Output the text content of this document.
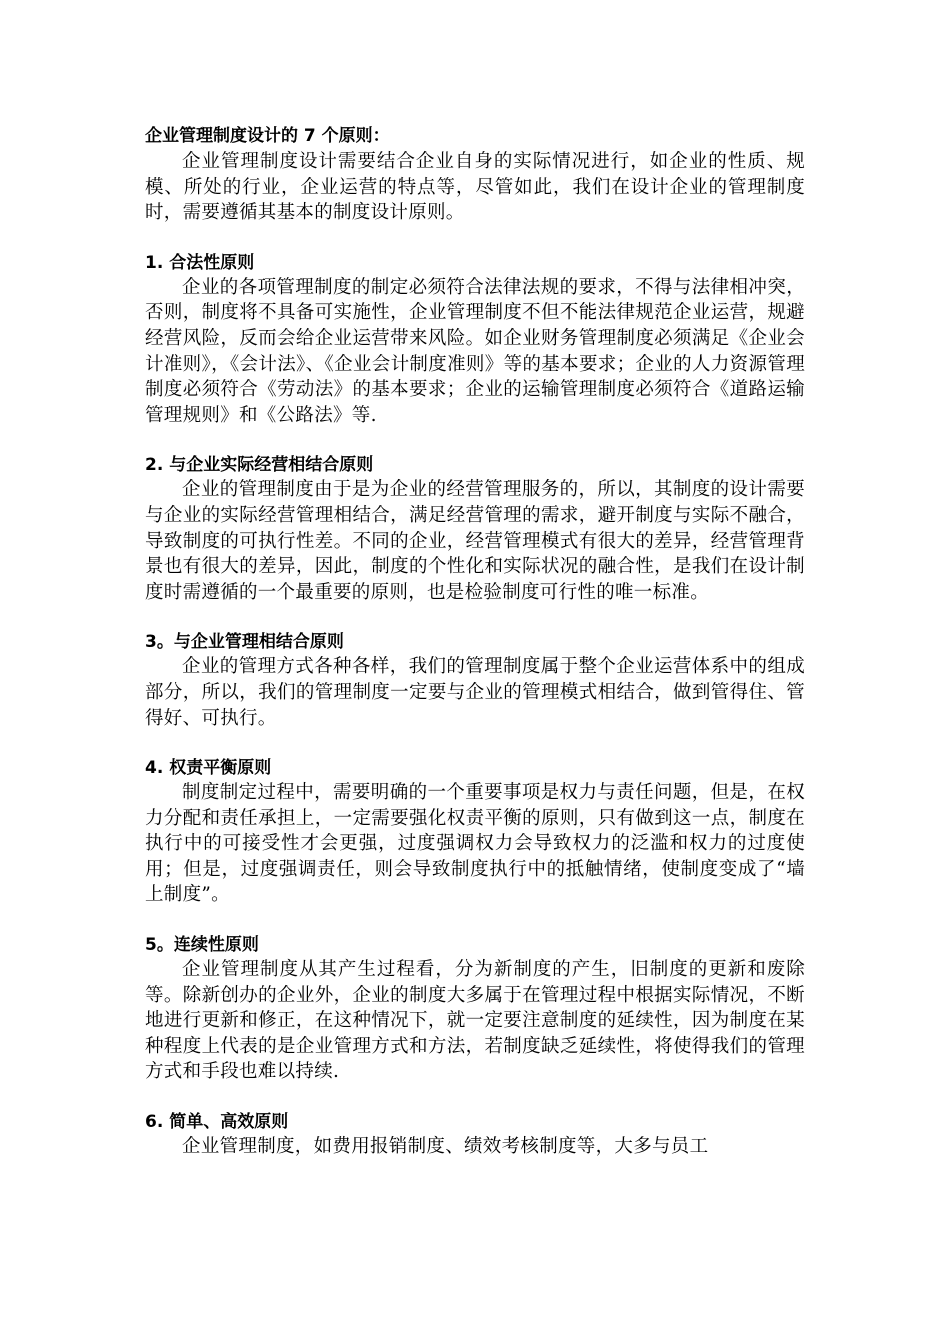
企业管理制度设计的 7 个原则：

企业管理制度设计需要结合企业自身的实际情况进行，如企业的性质、规模、所处的行业，企业运营的特点等，尽管如此，我们在设计企业的管理制度时，需要遵循其基本的制度设计原则。

1. 合法性原则

企业的各项管理制度的制定必须符合法律法规的要求，不得与法律相冲突，否则，制度将不具备可实施性，企业管理制度不但不能法律规范企业运营，规避经营风险，反而会给企业运营带来风险。如企业财务管理制度必须满足《企业会计准则》，《会计法》、《企业会计制度准则》等的基本要求；企业的人力资源管理制度必须符合《劳动法》的基本要求；企业的运输管理制度必须符合《道路运输管理规则》和《公路法》等.

2. 与企业实际经营相结合原则

企业的管理制度由于是为企业的经营管理服务的，所以，其制度的设计需要与企业的实际经营管理相结合，满足经营管理的需求，避开制度与实际不融合，导致制度的可执行性差。不同的企业，经营管理模式有很大的差异，经营管理背景也有很大的差异，因此，制度的个性化和实际状况的融合性，是我们在设计制度时需遵循的一个最重要的原则，也是检验制度可行性的唯一标准。

3。与企业管理相结合原则

企业的管理方式各种各样，我们的管理制度属于整个企业运营体系中的组成部分，所以，我们的管理制度一定要与企业的管理模式相结合，做到管得住、管得好、可执行。

4. 权责平衡原则

制度制定过程中，需要明确的一个重要事项是权力与责任问题，但是，在权力分配和责任承担上，一定需要强化权责平衡的原则，只有做到这一点，制度在执行中的可接受性才会更强，过度强调权力会导致权力的泛滥和权力的过度使用；但是，过度强调责任，则会导致制度执行中的抵触情绪，使制度变成了“墙上制度”。

5。连续性原则

企业管理制度从其产生过程看，分为新制度的产生，旧制度的更新和废除等。除新创办的企业外，企业的制度大多属于在管理过程中根据实际情况，不断地进行更新和修正，在这种情况下，就一定要注意制度的延续性，因为制度在某种程度上代表的是企业管理方式和方法，若制度缺乏延续性，将使得我们的管理方式和手段也难以持续.

6. 简单、高效原则

企业管理制度，如费用报销制度、绩效考核制度等，大多与员工
